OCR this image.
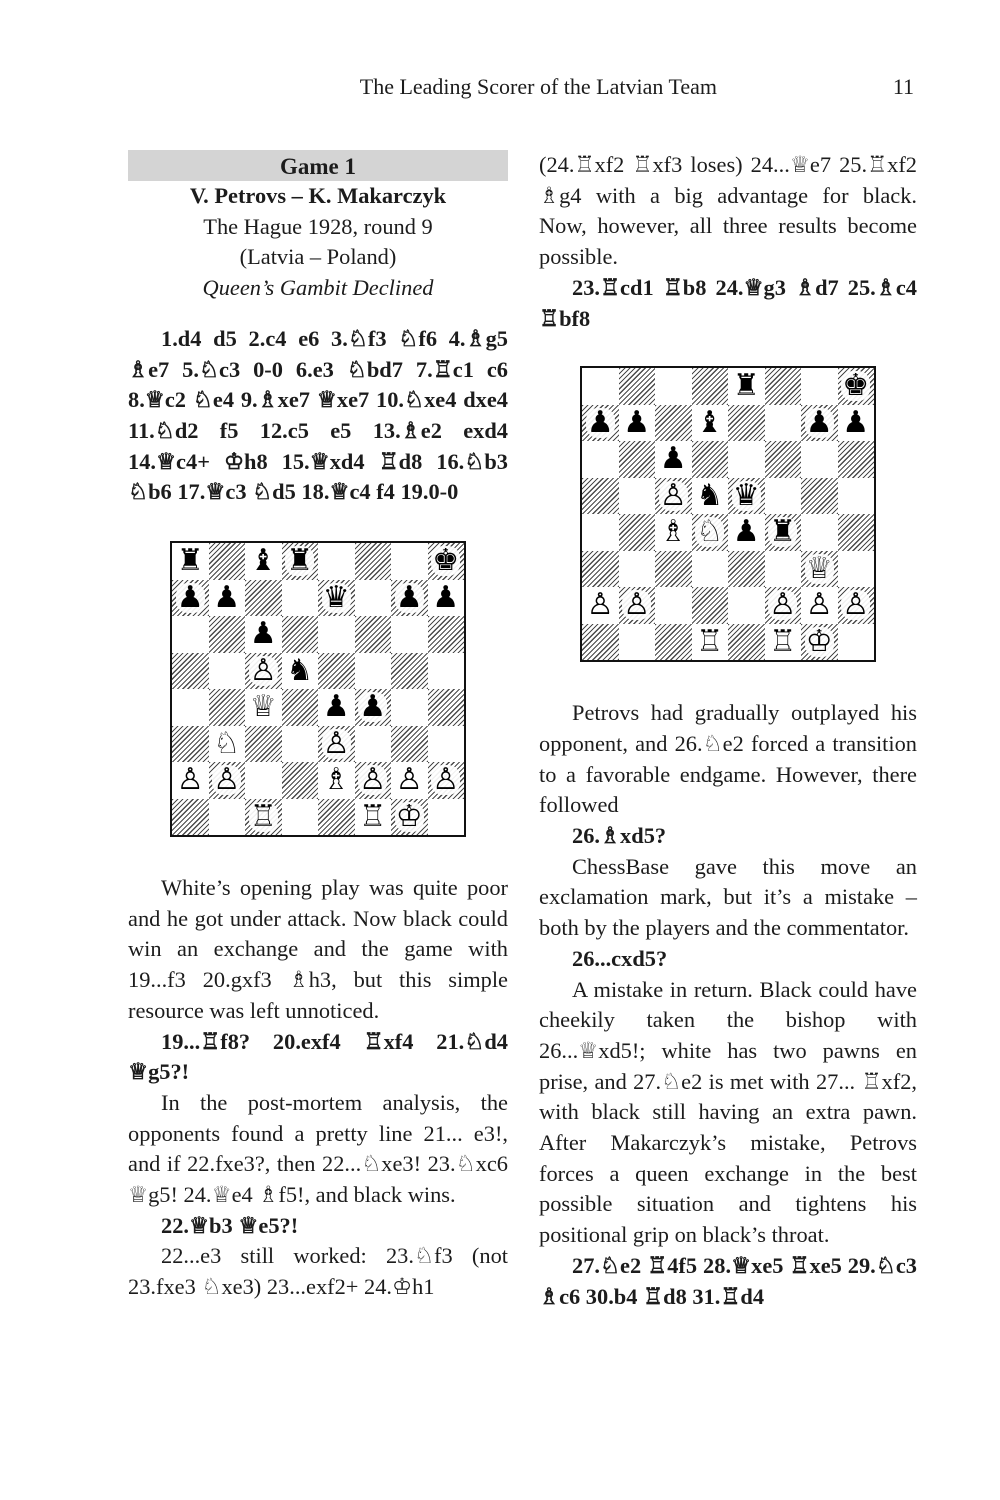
The Leading Scorer of the Latvian Team	11
Game 1
V. Petrovs – K. Makarczyk
The Hague 1928, round 9
(Latvia – Poland)
Queen’s Gambit Declined

1.d4 d5 2.c4 e6 3.♘f3 ♘f6 4.♗g5 ♗e7 5.♘c3 0-0 6.e3 ♘bd7 7.♖c1 c6 8.♕c2 ♘e4 9.♗xe7 ♕xe7 10.♘xe4 dxe4 11.♘d2 f5 12.c5 e5 13.♗e2 exd4 14.♕c4+ ♔h8 15.♕xd4 ♖d8 16.♘b3 ♘b6 17.♕c3 ♘d5 18.♕c4 f4 19.0-0

♜ ♝ ♜	♚
♟ ♟	♛ ♟ ♟
♟
♙ ♞
♕ ♟ ♟
♘	♙
♙ ♙	♗ ♙ ♙ ♙
♖	♖ ♔

White’s opening play was quite poor and he got under attack. Now black could win an exchange and the game with 19...f3 20.gxf3 ♗h3, but this simple resource was left unnoticed.

19...♖f8? 20.exf4 ♖xf4 21.♘d4 ♕g5?!

In the post-mortem analysis, the opponents found a pretty line 21... e3!, and if 22.fxe3?, then 22...♘xe3! 23.♘xc6 ♕g5! 24.♕e4 ♗f5!, and black wins.

22.♕b3 ♕e5?!

22...e3 still worked: 23.♘f3 (not 23.fxe3 ♘xe3) 23...exf2+ 24.♔h1

(24.♖xf2 ♖xf3 loses) 24...♕e7 25.♖xf2 ♗g4 with a big advantage for black. Now, however, all three results become possible.

23.♖cd1 ♖b8 24.♕g3 ♗d7 25.♗c4 ♖bf8

♜	♚
♟ ♟ ♝	♟ ♟
♟
♙ ♞ ♛
♗ ♘ ♟ ♜
♕
♙ ♙	♙ ♙ ♙
♖ ♖ ♔

Petrovs had gradually outplayed his opponent, and 26.♘e2 forced a transition to a favorable endgame. However, there followed

26.♗xd5?

ChessBase gave this move an exclamation mark, but it’s a mistake – both by the players and the commentator.

26...cxd5?

A mistake in return. Black could have cheekily taken the bishop with 26...♕xd5!; white has two pawns en prise, and 27.♘e2 is met with 27... ♖xf2, with black still having an extra pawn. After Makarczyk’s mistake, Petrovs forces a queen exchange in the best possible situation and tightens his positional grip on black’s throat.

27.♘e2 ♖4f5 28.♕xe5 ♖xe5 29.♘c3 ♗c6 30.b4 ♖d8 31.♖d4
